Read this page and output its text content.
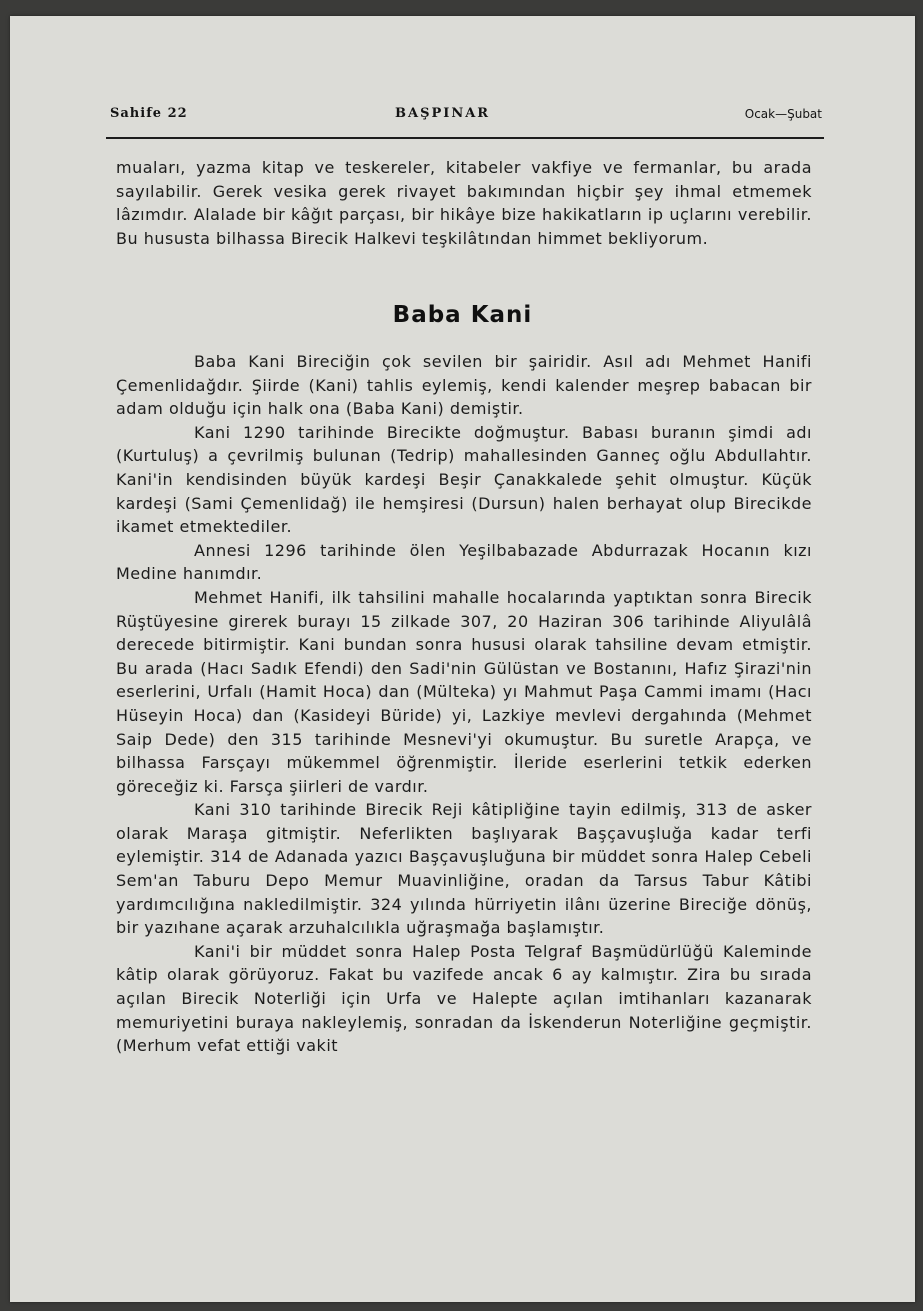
Sahife 22	BAŞPINAR	Ocak—Şubat

muaları, yazma kitap ve teskereler, kitabeler vakfiye ve fermanlar, bu arada sayılabilir. Gerek vesika gerek rivayet bakımından hiçbir şey ihmal etmemek lâzımdır. Alalade bir kâğıt parçası, bir hikâye bize hakikatların ip uçlarını verebilir. Bu hususta bilhassa Birecik Halkevi teşkilâtından himmet bekliyorum.

Baba Kani

Baba Kani Bireciğin çok sevilen bir şairidir. Asıl adı Mehmet Hanifi Çemenlidağdır. Şiirde (Kani) tahlis eylemiş, kendi kalender meşrep babacan bir adam olduğu için halk ona (Baba Kani) demiştir.

Kani 1290 tarihinde Birecikte doğmuştur. Babası buranın şimdi adı (Kurtuluş) a çevrilmiş bulunan (Tedrip) mahallesinden Ganneç oğlu Abdullahtır. Kani'in kendisinden büyük kardeşi Beşir Çanakkalede şehit olmuştur. Küçük kardeşi (Sami Çemenlidağ) ile hemşiresi (Dursun) halen berhayat olup Birecikde ikamet etmektediler.

Annesi 1296 tarihinde ölen Yeşilbabazade Abdurrazak Hocanın kızı Medine hanımdır.

Mehmet Hanifi, ilk tahsilini mahalle hocalarında yaptıktan sonra Birecik Rüştüyesine girerek burayı 15 zilkade 307, 20 Haziran 306 tarihinde Aliyulâlâ derecede bitirmiştir. Kani bundan sonra hususi olarak tahsiline devam etmiştir. Bu arada (Hacı Sadık Efendi) den Sadi'nin Gülüstan ve Bostanını, Hafız Şirazi'nin eserlerini, Urfalı (Hamit Hoca) dan (Mülteka) yı Mahmut Paşa Cammi imamı (Hacı Hüseyin Hoca) dan (Kasideyi Büride) yi, Lazkiye mevlevi dergahında (Mehmet Saip Dede) den 315 tarihinde Mesnevi'yi okumuştur. Bu suretle Arapça, ve bilhassa Farsçayı mükemmel öğrenmiştir. İleride eserlerini tetkik ederken göreceğiz ki. Farsça şiirleri de vardır.

Kani 310 tarihinde Birecik Reji kâtipliğine tayin edilmiş, 313 de asker olarak Maraşa gitmiştir. Neferlikten başlıyarak Başçavuşluğa kadar terfi eylemiştir. 314 de Adanada yazıcı Başçavuşluğuna bir müddet sonra Halep Cebeli Sem'an Taburu Depo Memur Muavinliğine, oradan da Tarsus Tabur Kâtibi yardımcılığına nakledilmiştir. 324 yılında hürriyetin ilânı üzerine Bireciğe dönüş, bir yazıhane açarak arzuhalcılıkla uğraşmağa başlamıştır.

Kani'i bir müddet sonra Halep Posta Telgraf Başmüdürlüğü Kaleminde kâtip olarak görüyoruz. Fakat bu vazifede ancak 6 ay kalmıştır. Zira bu sırada açılan Birecik Noterliği için Urfa ve Halepte açılan imtihanları kazanarak memuriyetini buraya nakleylemiş, sonradan da İskenderun Noterliğine geçmiştir. (Merhum vefat ettiği vakit
